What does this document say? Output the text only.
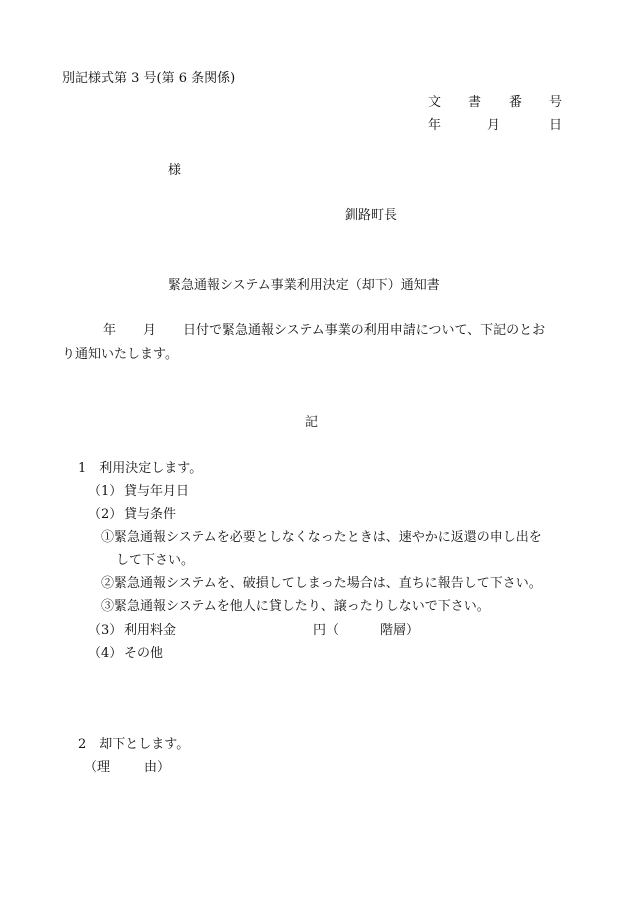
別記様式第 3 号(第 6 条関係)
文 書 番 号
年	月	日
様
釧路町長
緊急通報システム事業利用決定（却下）通知書
年 月 日付で緊急通報システム事業の利用申請について、下記のとお
り通知いたします。
記
1　利用決定します。
（1） 貸与年月日
（2） 貸与条件
①緊急通報システムを必要としなくなったときは、速やかに返還の申し出を
して下さい。
②緊急通報システムを、破損してしまった場合は、直ちに報告して下さい。
③緊急通報システムを他人に貸したり、譲ったりしないで下さい。
（3） 利用料金	円（	階層）
（4） その他
2　却下とします。
（理	由）
